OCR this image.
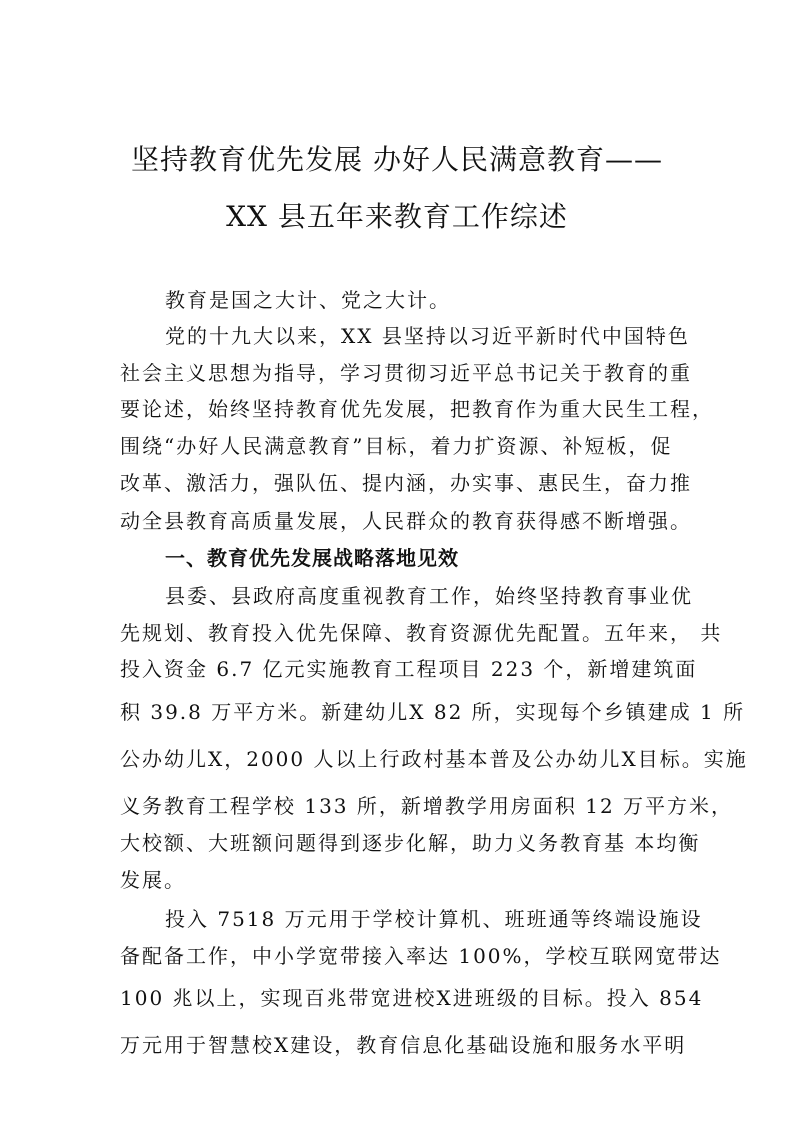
坚持教育优先发展 办好人民满意教育——
XX 县五年来教育工作综述
教育是国之大计、党之大计。
党的十九大以来，XX 县坚持以习近平新时代中国特色
社会主义思想为指导，学习贯彻习近平总书记关于教育的重
要论述，始终坚持教育优先发展，把教育作为重大民生工程，
围绕“办好人民满意教育”目标，着力扩资源、补短板，促
改革、激活力，强队伍、提内涵，办实事、惠民生，奋力推
动全县教育高质量发展，人民群众的教育获得感不断增强。
一、教育优先发展战略落地见效
县委、县政府高度重视教育工作，始终坚持教育事业优
先规划、教育投入优先保障、教育资源优先配置。五年来， 共
投入资金 6.7 亿元实施教育工程项目 223 个，新增建筑面
积 39.8 万平方米。新建幼儿X 82 所，实现每个乡镇建成 1 所
公办幼儿X，2000 人以上行政村基本普及公办幼儿X目标。实施
义务教育工程学校 133 所，新增教学用房面积 12 万平方米，
大校额、大班额问题得到逐步化解，助力义务教育基 本均衡
发展。
投入 7518 万元用于学校计算机、班班通等终端设施设
备配备工作，中小学宽带接入率达 100%，学校互联网宽带达
100 兆以上，实现百兆带宽进校X进班级的目标。投入 854
万元用于智慧校X建设，教育信息化基础设施和服务水平明
